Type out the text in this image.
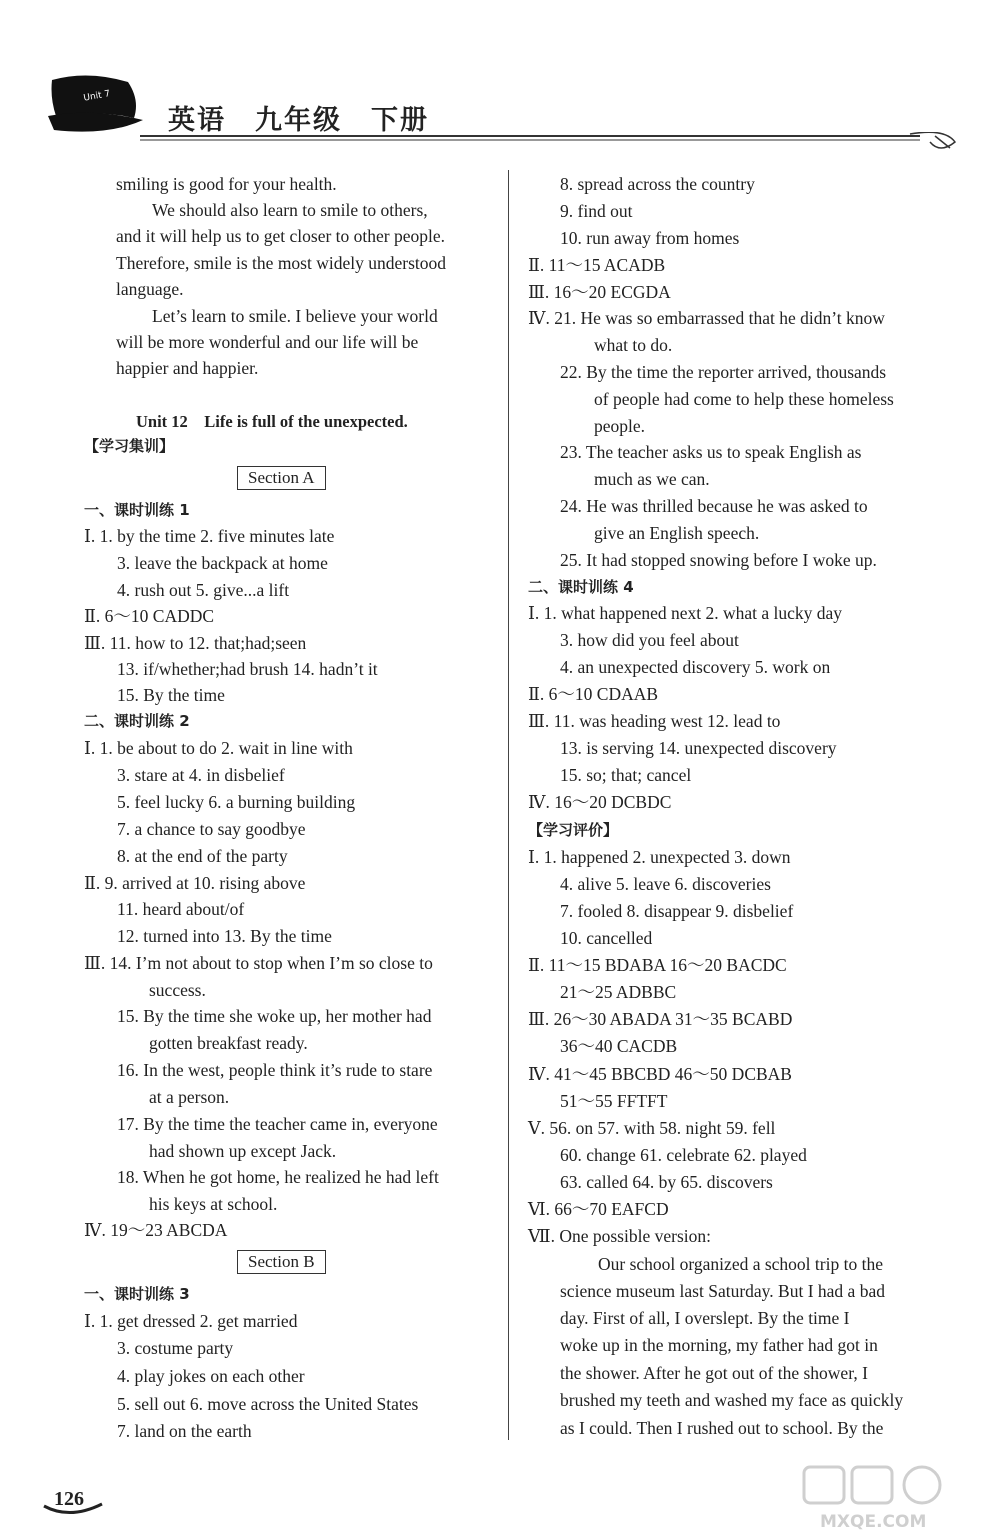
Unit 7
英语　九年级　下册
smiling is good for your health.
We should also learn to smile to others,
and it will help us to get closer to other people.
Therefore, smile is the most widely understood
language.
Let’s learn to smile. I believe your world
will be more wonderful and our life will be
happier and happier.
Unit 12　Life is full of the unexpected.
【学习集训】
Section A
一、课时训练 1
Ⅰ. 1. by the time 2. five minutes late
3. leave the backpack at home
4. rush out 5. give...a lift
Ⅱ. 6～10 CADDC
Ⅲ. 11. how to 12. that;had;seen
13. if/whether;had brush 14. hadn’t it
15. By the time
二、课时训练 2
Ⅰ. 1. be about to do 2. wait in line with
3. stare at 4. in disbelief
5. feel lucky 6. a burning building
7. a chance to say goodbye
8. at the end of the party
Ⅱ. 9. arrived at 10. rising above
11. heard about/of
12. turned into 13. By the time
Ⅲ. 14. I’m not about to stop when I’m so close to
success.
15. By the time she woke up, her mother had
gotten breakfast ready.
16. In the west, people think it’s rude to stare
at a person.
17. By the time the teacher came in, everyone
had shown up except Jack.
18. When he got home, he realized he had left
his keys at school.
Ⅳ. 19～23 ABCDA
Section B
一、课时训练 3
Ⅰ. 1. get dressed 2. get married
3. costume party
4. play jokes on each other
5. sell out 6. move across the United States
7. land on the earth
8. spread across the country
9. find out
10. run away from homes
Ⅱ. 11～15 ACADB
Ⅲ. 16～20 ECGDA
Ⅳ. 21. He was so embarrassed that he didn’t know
what to do.
22. By the time the reporter arrived, thousands
of people had come to help these homeless
people.
23. The teacher asks us to speak English as
much as we can.
24. He was thrilled because he was asked to
give an English speech.
25. It had stopped snowing before I woke up.
二、课时训练 4
Ⅰ. 1. what happened next 2. what a lucky day
3. how did you feel about
4. an unexpected discovery 5. work on
Ⅱ. 6～10 CDAAB
Ⅲ. 11. was heading west 12. lead to
13. is serving 14. unexpected discovery
15. so; that; cancel
Ⅳ. 16～20 DCBDC
【学习评价】
Ⅰ. 1. happened 2. unexpected 3. down
4. alive 5. leave 6. discoveries
7. fooled 8. disappear 9. disbelief
10. cancelled
Ⅱ. 11～15 BDABA 16～20 BACDC
21～25 ADBBC
Ⅲ. 26～30 ABADA 31～35 BCABD
36～40 CACDB
Ⅳ. 41～45 BBCBD 46～50 DCBAB
51～55 FFTFT
Ⅴ. 56. on 57. with 58. night 59. fell
60. change 61. celebrate 62. played
63. called 64. by 65. discovers
Ⅵ. 66～70 EAFCD
Ⅶ. One possible version:
Our school organized a school trip to the
science museum last Saturday. But I had a bad
day. First of all, I overslept. By the time I
woke up in the morning, my father had got in
the shower. After he got out of the shower, I
brushed my teeth and washed my face as quickly
as I could. Then I rushed out to school. By the
126
MXQE.COM
